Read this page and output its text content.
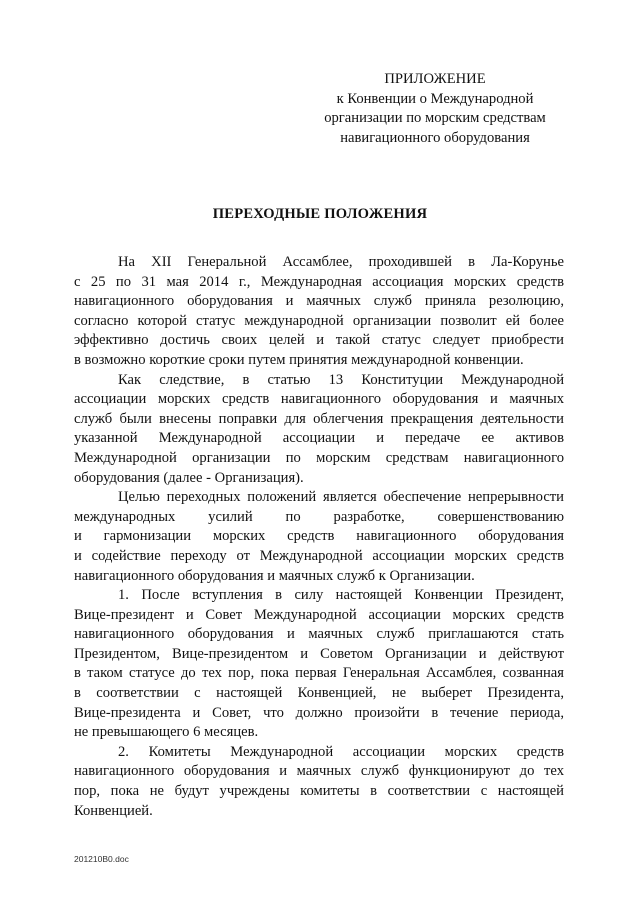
ПРИЛОЖЕНИЕ
к Конвенции о Международной
организации по морским средствам
навигационного оборудования
ПЕРЕХОДНЫЕ ПОЛОЖЕНИЯ
На XII Генеральной Ассамблее, проходившей в Ла-Корунье
с 25 по 31 мая 2014 г., Международная ассоциация морских средств
навигационного оборудования и маячных служб приняла резолюцию,
согласно которой статус международной организации позволит ей более
эффективно достичь своих целей и такой статус следует приобрести
в возможно короткие сроки путем принятия международной конвенции.
Как следствие, в статью 13 Конституции Международной
ассоциации морских средств навигационного оборудования и маячных
служб были внесены поправки для облегчения прекращения деятельности
указанной Международной ассоциации и передаче ее активов
Международной организации по морским средствам навигационного
оборудования (далее - Организация).
Целью переходных положений является обеспечение непрерывности
международных усилий по разработке, совершенствованию
и гармонизации морских средств навигационного оборудования
и содействие переходу от Международной ассоциации морских средств
навигационного оборудования и маячных служб к Организации.
1. После вступления в силу настоящей Конвенции Президент,
Вице-президент и Совет Международной ассоциации морских средств
навигационного оборудования и маячных служб приглашаются стать
Президентом, Вице-президентом и Советом Организации и действуют
в таком статусе до тех пор, пока первая Генеральная Ассамблея, созванная
в соответствии с настоящей Конвенцией, не выберет Президента,
Вице-президента и Совет, что должно произойти в течение периода,
не превышающего 6 месяцев.
2. Комитеты Международной ассоциации морских средств
навигационного оборудования и маячных служб функционируют до тех
пор, пока не будут учреждены комитеты в соответствии с настоящей
Конвенцией.
201210B0.doc
